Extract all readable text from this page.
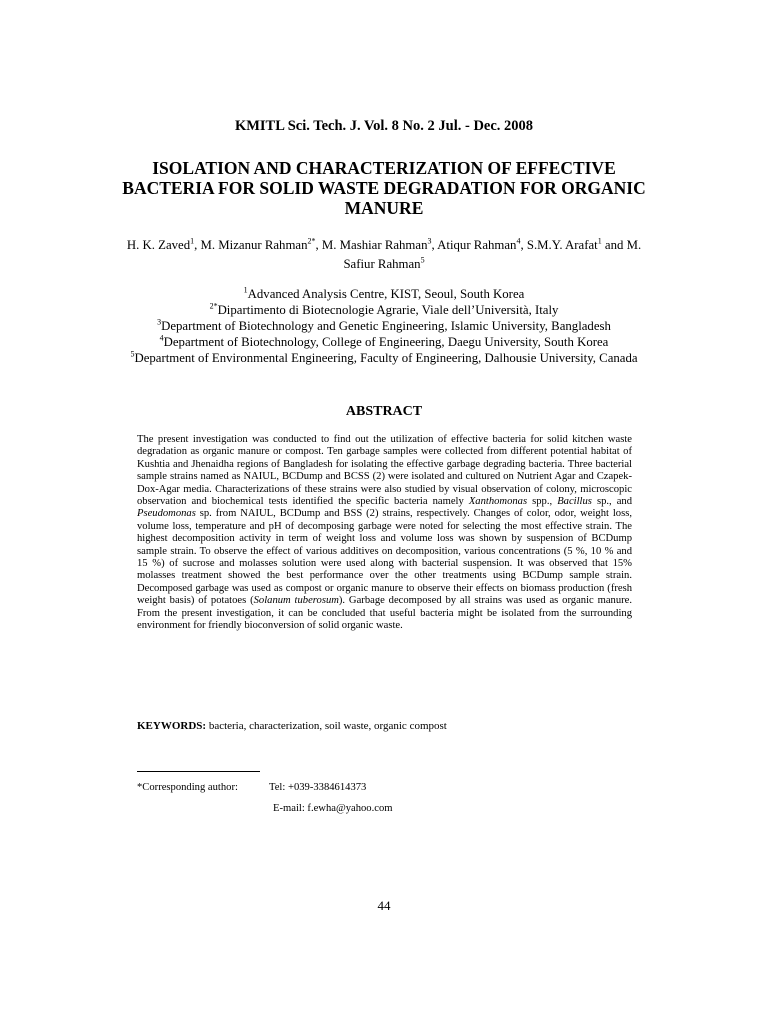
KMITL Sci. Tech. J. Vol. 8 No. 2 Jul. - Dec. 2008
ISOLATION AND CHARACTERIZATION OF EFFECTIVE BACTERIA FOR SOLID WASTE DEGRADATION FOR ORGANIC MANURE
H. K. Zaved$^1$, M. Mizanur Rahman$^{2*}$, M. Mashiar Rahman$^3$, Atiqur Rahman$^4$, S.M.Y. Arafat$^1$ and M. Safiur Rahman$^5$
$^1$Advanced Analysis Centre, KIST, Seoul, South Korea
$^{2*}$Dipartimento di Biotecnologie Agrarie, Viale dell’Università, Italy
$^3$Department of Biotechnology and Genetic Engineering, Islamic University, Bangladesh
$^4$Department of Biotechnology, College of Engineering, Daegu University, South Korea
$^5$Department of Environmental Engineering, Faculty of Engineering, Dalhousie University, Canada
ABSTRACT

The present investigation was conducted to find out the utilization of effective bacteria for solid kitchen waste degradation as organic manure or compost. Ten garbage samples were collected from different potential habitat of Kushtia and Jhenaidha regions of Bangladesh for isolating the effective garbage degrading bacteria. Three bacterial sample strains named as NAIUL, BCDump and BCSS (2) were isolated and cultured on Nutrient Agar and Czapek-Dox-Agar media. Characterizations of these strains were also studied by visual observation of colony, microscopic observation and biochemical tests identified the specific bacteria namely Xanthomonas spp., Bacillus sp., and Pseudomonas sp. from NAIUL, BCDump and BSS (2) strains, respectively. Changes of color, odor, weight loss, volume loss, temperature and pH of decomposing garbage were noted for selecting the most effective strain. The highest decomposition activity in term of weight loss and volume loss was shown by suspension of BCDump sample strain. To observe the effect of various additives on decomposition, various concentrations (5 %, 10 % and 15 %) of sucrose and molasses solution were used along with bacterial suspension. It was observed that 15% molasses treatment showed the best performance over the other treatments using BCDump sample strain. Decomposed garbage was used as compost or organic manure to observe their effects on biomass production (fresh weight basis) of potatoes (Solanum tuberosum). Garbage decomposed by all strains was used as organic manure. From the present investigation, it can be concluded that useful bacteria might be isolated from the surrounding environment for friendly bioconversion of solid organic waste.

KEYWORDS: bacteria, characterization, soil waste, organic compost
*Corresponding author:	Tel: +039-3384614373
E-mail: f.ewha@yahoo.com
44
